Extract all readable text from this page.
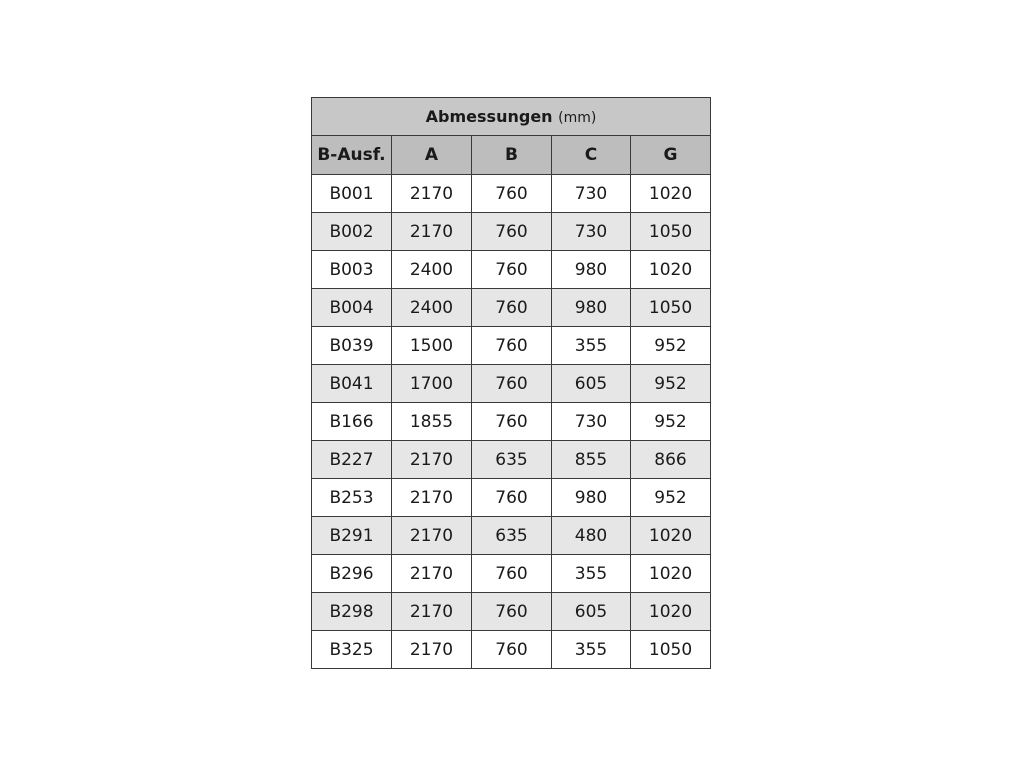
Abmessungen (mm)				
B-Ausf.	A	B	C	G
B001	2170	760	730	1020
B002	2170	760	730	1050
B003	2400	760	980	1020
B004	2400	760	980	1050
B039	1500	760	355	952
B041	1700	760	605	952
B166	1855	760	730	952
B227	2170	635	855	866
B253	2170	760	980	952
B291	2170	635	480	1020
B296	2170	760	355	1020
B298	2170	760	605	1020
B325	2170	760	355	1050
